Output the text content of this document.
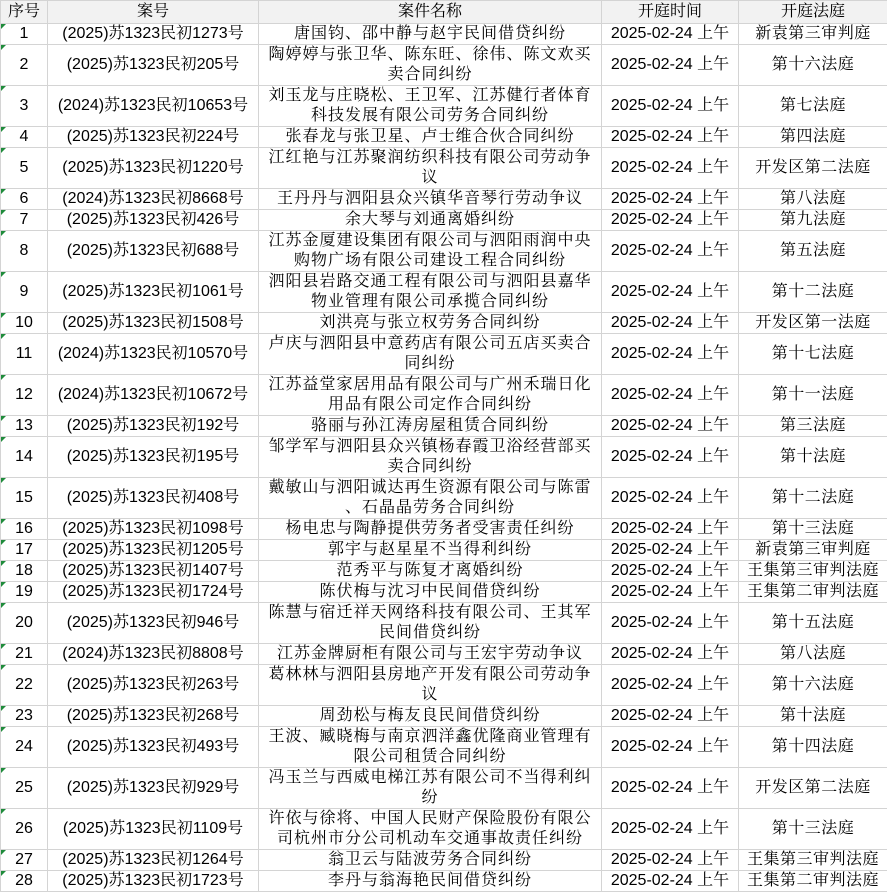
序号	案号	案件名称	开庭时间	开庭法庭
1	(2025)苏1323民初1273号	唐国钧、邵中静与赵宇民间借贷纠纷	2025-02-24 上午	新袁第三审判庭
2	(2025)苏1323民初205号	陶婷婷与张卫华、陈东旺、徐伟、陈文欢买卖合同纠纷	2025-02-24 上午	第十六法庭
3	(2024)苏1323民初10653号	刘玉龙与庄晓松、王卫军、江苏健行者体育科技发展有限公司劳务合同纠纷	2025-02-24 上午	第七法庭
4	(2025)苏1323民初224号	张春龙与张卫星、卢士维合伙合同纠纷	2025-02-24 上午	第四法庭
5	(2025)苏1323民初1220号	江红艳与江苏聚润纺织科技有限公司劳动争议	2025-02-24 上午	开发区第二法庭
6	(2024)苏1323民初8668号	王丹丹与泗阳县众兴镇华音琴行劳动争议	2025-02-24 上午	第八法庭
7	(2025)苏1323民初426号	余大琴与刘通离婚纠纷	2025-02-24 上午	第九法庭
8	(2025)苏1323民初688号	江苏金厦建设集团有限公司与泗阳雨润中央购物广场有限公司建设工程合同纠纷	2025-02-24 上午	第五法庭
9	(2025)苏1323民初1061号	泗阳县岩路交通工程有限公司与泗阳县嘉华物业管理有限公司承揽合同纠纷	2025-02-24 上午	第十二法庭
10	(2025)苏1323民初1508号	刘洪亮与张立权劳务合同纠纷	2025-02-24 上午	开发区第一法庭
11	(2024)苏1323民初10570号	卢庆与泗阳县中意药店有限公司五店买卖合同纠纷	2025-02-24 上午	第十七法庭
12	(2024)苏1323民初10672号	江苏益堂家居用品有限公司与广州禾瑞日化用品有限公司定作合同纠纷	2025-02-24 上午	第十一法庭
13	(2025)苏1323民初192号	骆丽与孙江涛房屋租赁合同纠纷	2025-02-24 上午	第三法庭
14	(2025)苏1323民初195号	邹学军与泗阳县众兴镇杨春霞卫浴经营部买卖合同纠纷	2025-02-24 上午	第十法庭
15	(2025)苏1323民初408号	戴敏山与泗阳诚达再生资源有限公司与陈雷、石晶晶劳务合同纠纷	2025-02-24 上午	第十二法庭
16	(2025)苏1323民初1098号	杨电忠与陶静提供劳务者受害责任纠纷	2025-02-24 上午	第十三法庭
17	(2025)苏1323民初1205号	郭宇与赵星星不当得利纠纷	2025-02-24 上午	新袁第三审判庭
18	(2025)苏1323民初1407号	范秀平与陈复才离婚纠纷	2025-02-24 上午	王集第三审判法庭
19	(2025)苏1323民初1724号	陈伏梅与沈习中民间借贷纠纷	2025-02-24 上午	王集第二审判法庭
20	(2025)苏1323民初946号	陈慧与宿迁祥天网络科技有限公司、王其军民间借贷纠纷	2025-02-24 上午	第十五法庭
21	(2024)苏1323民初8808号	江苏金牌厨柜有限公司与王宏宇劳动争议	2025-02-24 上午	第八法庭
22	(2025)苏1323民初263号	葛林林与泗阳县房地产开发有限公司劳动争议	2025-02-24 上午	第十六法庭
23	(2025)苏1323民初268号	周劲松与梅友良民间借贷纠纷	2025-02-24 上午	第十法庭
24	(2025)苏1323民初493号	王波、臧晓梅与南京泗洋鑫优隆商业管理有限公司租赁合同纠纷	2025-02-24 上午	第十四法庭
25	(2025)苏1323民初929号	冯玉兰与西威电梯江苏有限公司不当得利纠纷	2025-02-24 上午	开发区第二法庭
26	(2025)苏1323民初1109号	许依与徐将、中国人民财产保险股份有限公司杭州市分公司机动车交通事故责任纠纷	2025-02-24 上午	第十三法庭
27	(2025)苏1323民初1264号	翁卫云与陆波劳务合同纠纷	2025-02-24 上午	王集第三审判法庭
28	(2025)苏1323民初1723号	李丹与翁海艳民间借贷纠纷	2025-02-24 上午	王集第二审判法庭
